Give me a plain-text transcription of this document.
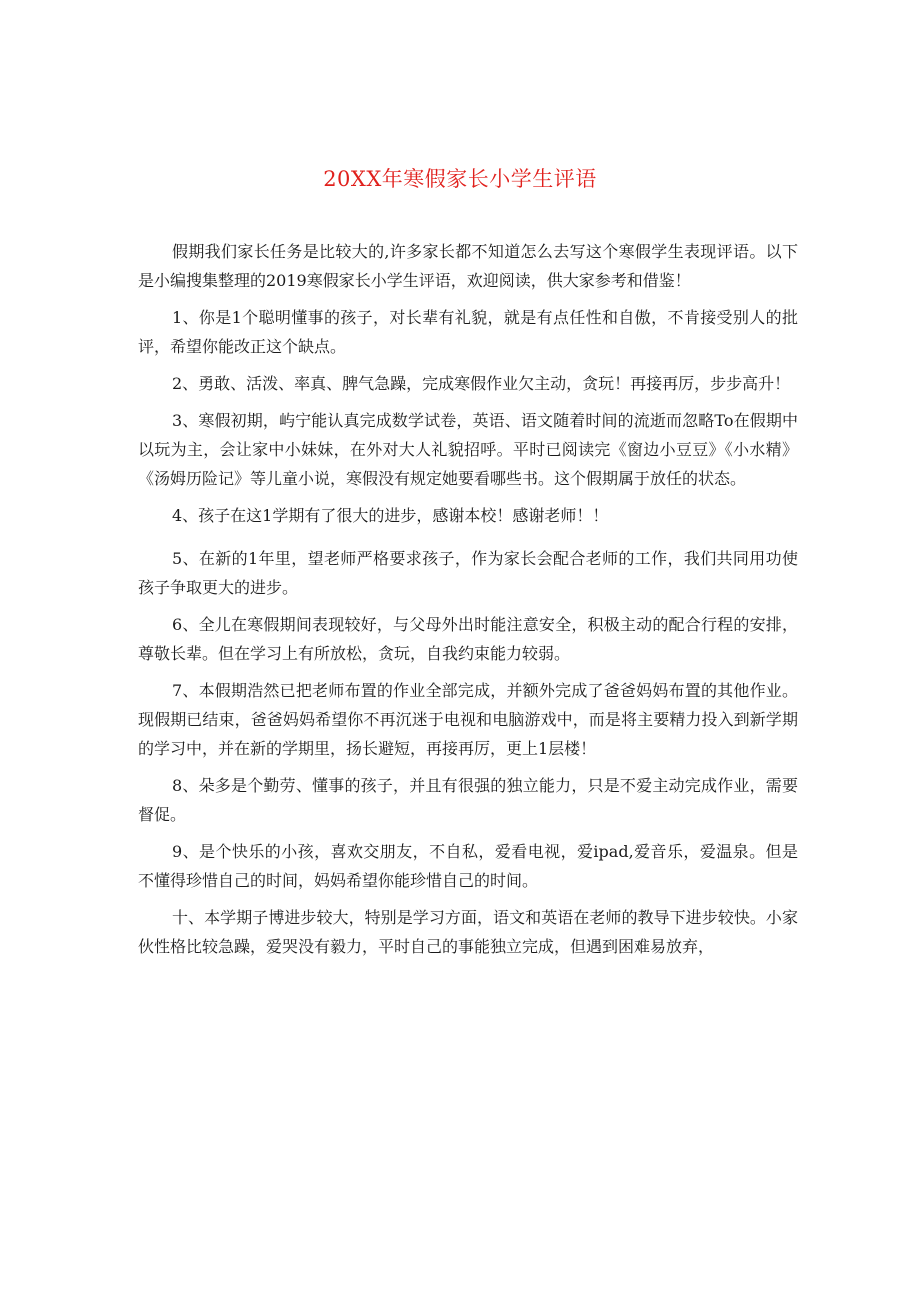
20XX年寒假家长小学生评语

假期我们家长任务是比较大的,许多家长都不知道怎么去写这个寒假学生表现评语。以下是小编搜集整理的2019寒假家长小学生评语，欢迎阅读，供大家参考和借鉴！

1、你是1个聪明懂事的孩子，对长辈有礼貌，就是有点任性和自傲，不肯接受别人的批评，希望你能改正这个缺点。

2、勇敢、活泼、率真、脾气急躁，完成寒假作业欠主动，贪玩！再接再厉，步步高升！

3、寒假初期，屿宁能认真完成数学试卷，英语、语文随着时间的流逝而忽略To在假期中以玩为主，会让家中小妹妹，在外对大人礼貌招呼。平时已阅读完《窗边小豆豆》《小水精》《汤姆历险记》等儿童小说，寒假没有规定她要看哪些书。这个假期属于放任的状态。

4、孩子在这1学期有了很大的进步，感谢本校！感谢老师！！

5、在新的1年里，望老师严格要求孩子，作为家长会配合老师的工作，我们共同用功使孩子争取更大的进步。

6、全儿在寒假期间表现较好，与父母外出时能注意安全，积极主动的配合行程的安排，尊敬长辈。但在学习上有所放松，贪玩，自我约束能力较弱。

7、本假期浩然已把老师布置的作业全部完成，并额外完成了爸爸妈妈布置的其他作业。现假期已结束，爸爸妈妈希望你不再沉迷于电视和电脑游戏中，而是将主要精力投入到新学期的学习中，并在新的学期里，扬长避短，再接再厉，更上1层楼！

8、朵多是个勤劳、懂事的孩子，并且有很强的独立能力，只是不爱主动完成作业，需要督促。

9、是个快乐的小孩，喜欢交朋友，不自私，爱看电视，爱ipad,爱音乐，爱温泉。但是不懂得珍惜自己的时间，妈妈希望你能珍惜自己的时间。

十、本学期子博进步较大，特别是学习方面，语文和英语在老师的教导下进步较快。小家伙性格比较急躁，爱哭没有毅力，平时自己的事能独立完成，但遇到困难易放弃，
